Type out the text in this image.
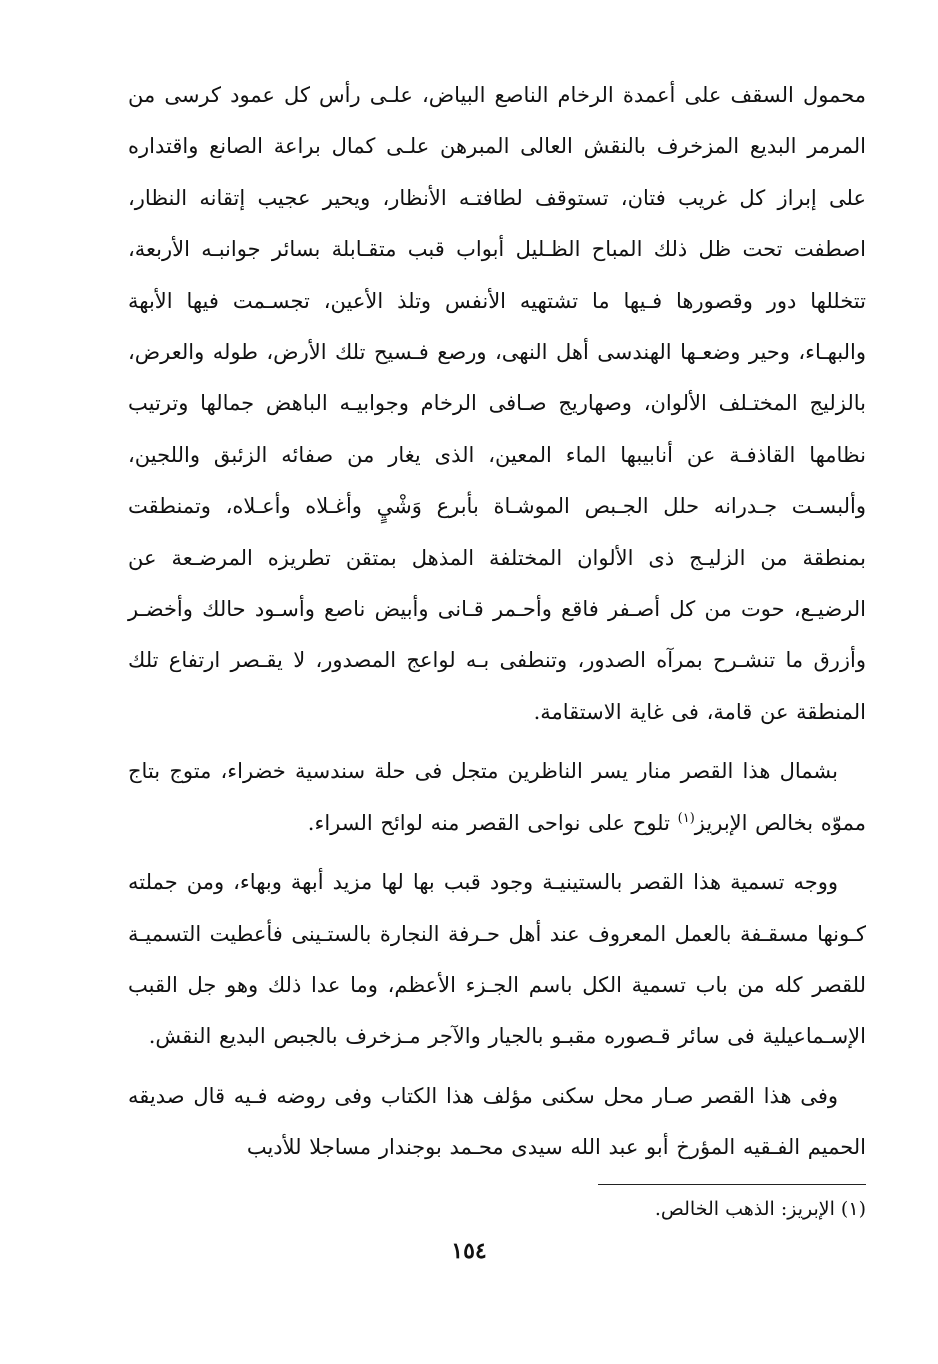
محمول السقف على أعمدة الرخام الناصع البياض، علـى رأس كل عمود كرسى من المرمر البديع المزخرف بالنقش العالى المبرهن علـى كمال براعة الصانع واقتداره على إبراز كل غريب فتان، تستوقف لطافتـه الأنظار، ويحير عجيب إتقانه النظار، اصطفت تحت ظل ذلك المباح الظـليل أبواب قبب متقـابلة بسائر جوانبـه الأربعة، تتخللها دور وقصورها فـيها ما تشتهيه الأنفس وتلذ الأعين، تجسـمت فيها الأبهة والبهـاء، وحير وضعـها الهندسى أهل النهى، ورصع فـسيح تلك الأرض، طوله والعرض، بالزليج المختـلف الألوان، وصهاريج صـافى الرخام وجوابيـه الباهض جمالها وترتيب نظامها القاذفـة عن أنابيبها الماء المعين، الذى يغار من صفائه الزئبق واللجين، وألبسـت جـدرانه حلل الجـبص الموشـاة بأبرع وَشْيٍ وأغـلاه وأعـلاه، وتمنطقت بمنطقة من الزليـج ذى الألوان المختلفة المذهل بمتقن تطريزه المرضـعة عن الرضيـع، حوت من كل أصـفر فاقع وأحـمر قـانى وأبيض ناصع وأسـود حالك وأخضـر وأزرق ما تنشـرح بمرآه الصدور، وتنطفى بـه لواعج المصدور، لا يقـصر ارتفاع تلك المنطقة عن قامة، فى غاية الاستقامة.

بشمال هذا القصر منار يسر الناظرين متجل فى حلة سندسية خضراء، متوج بتاج مموّه بخالص الإبريز$^{(١)}$ تلوح على نواحى القصر منه لوائح السراء.

ووجه تسمية هذا القصر بالستينيـة وجود قبب بها لها مزيد أبهة وبهاء، ومن جملته كـونها مسقـفة بالعمل المعروف عند أهل حـرفة النجارة بالستـينى فأعطيت التسميـة للقصر كله من باب تسمية الكل باسم الجـزء الأعظم، وما عدا ذلك وهو جل القبب الإسـماعيلية فى سائر قـصوره مقبـو بالجيار والآجر مـزخرف بالجبص البديع النقش.

وفى هذا القصر صـار محل سكنى مؤلف هذا الكتاب وفى روضه فـيه قال صديقه الحميم الفـقيه المؤرخ أبو عبد الله سيدى محـمد بوجندار مساجلا للأديب

(١) الإبريز: الذهب الخالص.

١٥٤
